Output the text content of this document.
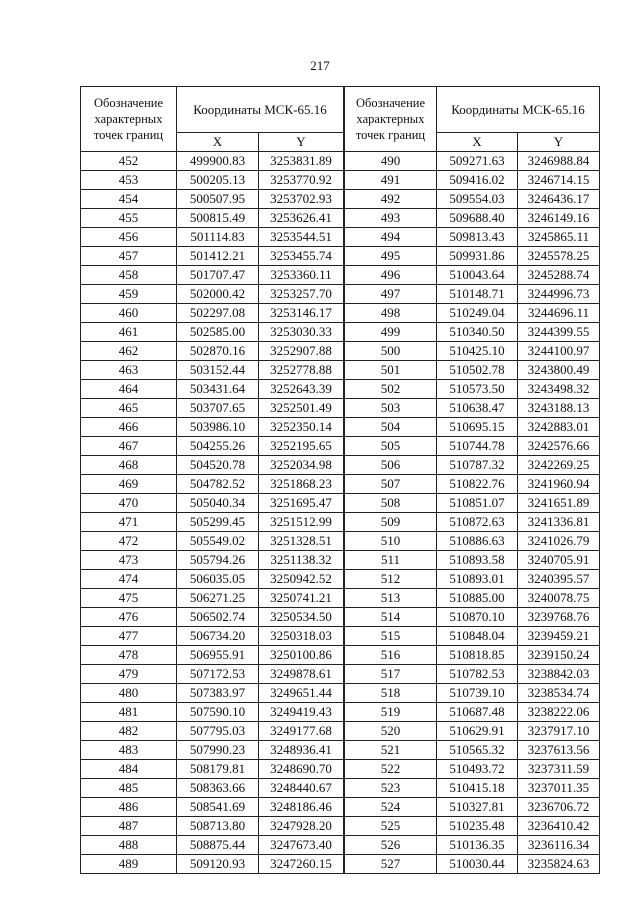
217
Обозначение характерных точек границ	Координаты МСК-65.16	
	X	Y
452	499900.83	3253831.89
453	500205.13	3253770.92
454	500507.95	3253702.93
455	500815.49	3253626.41
456	501114.83	3253544.51
457	501412.21	3253455.74
458	501707.47	3253360.11
459	502000.42	3253257.70
460	502297.08	3253146.17
461	502585.00	3253030.33
462	502870.16	3252907.88
463	503152.44	3252778.88
464	503431.64	3252643.39
465	503707.65	3252501.49
466	503986.10	3252350.14
467	504255.26	3252195.65
468	504520.78	3252034.98
469	504782.52	3251868.23
470	505040.34	3251695.47
471	505299.45	3251512.99
472	505549.02	3251328.51
473	505794.26	3251138.32
474	506035.05	3250942.52
475	506271.25	3250741.21
476	506502.74	3250534.50
477	506734.20	3250318.03
478	506955.91	3250100.86
479	507172.53	3249878.61
480	507383.97	3249651.44
481	507590.10	3249419.43
482	507795.03	3249177.68
483	507990.23	3248936.41
484	508179.81	3248690.70
485	508363.66	3248440.67
486	508541.69	3248186.46
487	508713.80	3247928.20
488	508875.44	3247673.40
489	509120.93	3247260.15
Обозначение характерных точек границ	Координаты МСК-65.16	
	X	Y
490	509271.63	3246988.84
491	509416.02	3246714.15
492	509554.03	3246436.17
493	509688.40	3246149.16
494	509813.43	3245865.11
495	509931.86	3245578.25
496	510043.64	3245288.74
497	510148.71	3244996.73
498	510249.04	3244696.11
499	510340.50	3244399.55
500	510425.10	3244100.97
501	510502.78	3243800.49
502	510573.50	3243498.32
503	510638.47	3243188.13
504	510695.15	3242883.01
505	510744.78	3242576.66
506	510787.32	3242269.25
507	510822.76	3241960.94
508	510851.07	3241651.89
509	510872.63	3241336.81
510	510886.63	3241026.79
511	510893.58	3240705.91
512	510893.01	3240395.57
513	510885.00	3240078.75
514	510870.10	3239768.76
515	510848.04	3239459.21
516	510818.85	3239150.24
517	510782.53	3238842.03
518	510739.10	3238534.74
519	510687.48	3238222.06
520	510629.91	3237917.10
521	510565.32	3237613.56
522	510493.72	3237311.59
523	510415.18	3237011.35
524	510327.81	3236706.72
525	510235.48	3236410.42
526	510136.35	3236116.34
527	510030.44	3235824.63
